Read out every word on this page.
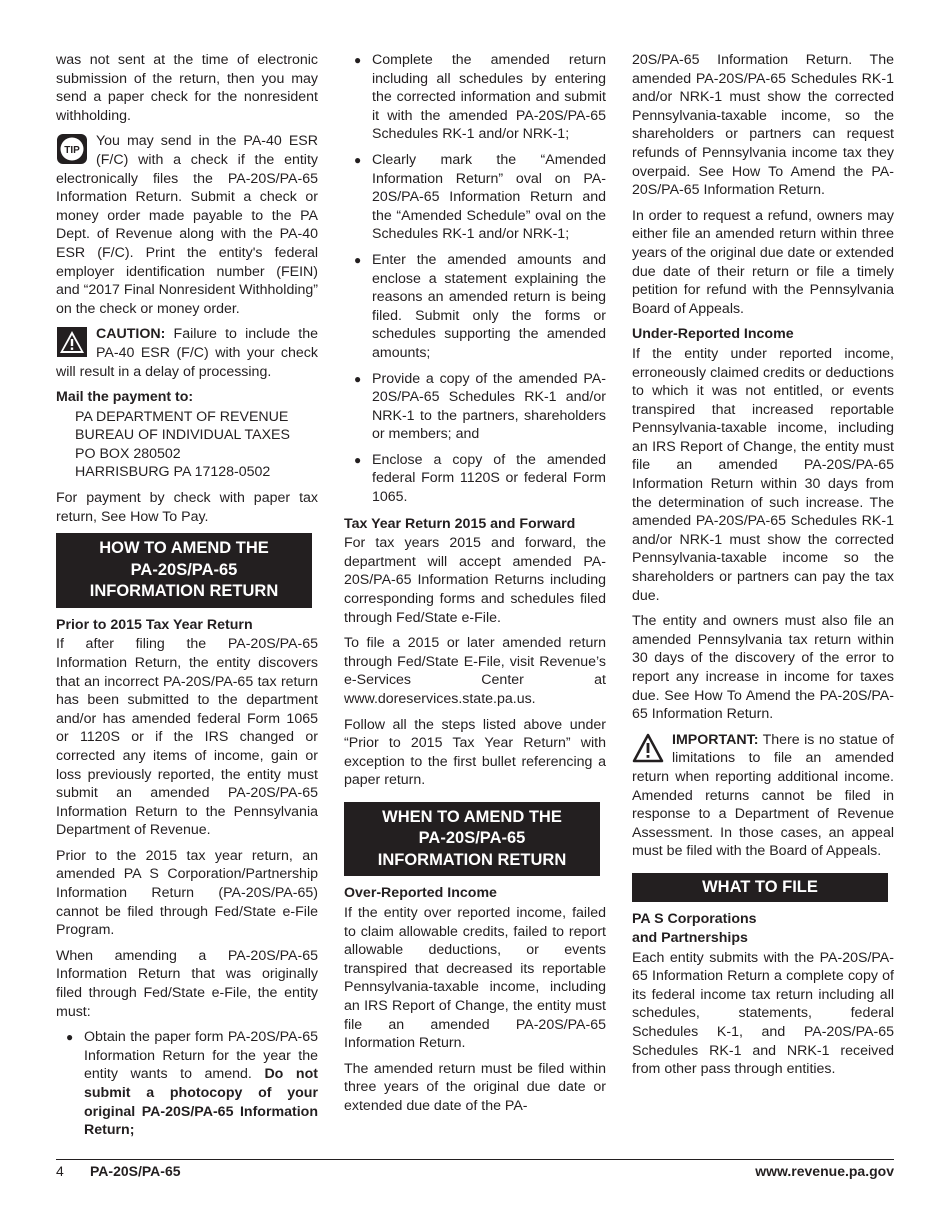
was not sent at the time of electronic submission of the return, then you may send a paper check for the nonresident withholding.

TIP

You may send in the PA-40 ESR (F/C) with a check if the entity electronically files the PA-20S/PA-65 Information Return. Submit a check or money order made payable to the PA Dept. of Revenue along with the PA-40 ESR (F/C). Print the entity's federal employer identification number (FEIN) and “2017 Final Nonresident Withholding” on the check or money order.

CAUTION: Failure to include the PA-40 ESR (F/C) with your check will result in a delay of processing.

Mail the payment to:

PA DEPARTMENT OF REVENUE
BUREAU OF INDIVIDUAL TAXES
PO BOX 280502
HARRISBURG PA 17128-0502

For payment by check with paper tax return, See How To Pay.

HOW TO AMEND THE
PA-20S/PA-65
INFORMATION RETURN

Prior to 2015 Tax Year Return

If after filing the PA-20S/PA-65 Information Return, the entity discovers that an incorrect PA-20S/PA-65 tax return has been submitted to the department and/or has amended federal Form 1065 or 1120S or if the IRS changed or corrected any items of income, gain or loss previously reported, the entity must submit an amended PA-20S/PA-65 Information Return to the Pennsylvania Department of Revenue.

Prior to the 2015 tax year return, an amended PA S Corporation/Partnership Information Return (PA-20S/PA-65) cannot be filed through Fed/State e-File Program.

When amending a PA-20S/PA-65 Information Return that was originally filed through Fed/State e-File, the entity must:

● Obtain the paper form PA-20S/PA-65 Information Return for the year the entity wants to amend. Do not submit a photocopy of your original PA-20S/PA-65 Information Return;
● Complete the amended return including all schedules by entering the corrected information and submit it with the amended PA-20S/PA-65 Schedules RK-1 and/or NRK-1;
● Clearly mark the “Amended Information Return” oval on PA-20S/PA-65 Information Return and the “Amended Schedule” oval on the Schedules RK-1 and/or NRK-1;
● Enter the amended amounts and enclose a statement explaining the reasons an amended return is being filed. Submit only the forms or schedules supporting the amended amounts;
● Provide a copy of the amended PA-20S/PA-65 Schedules RK-1 and/or NRK-1 to the partners, shareholders or members; and
● Enclose a copy of the amended federal Form 1120S or federal Form 1065.

Tax Year Return 2015 and Forward

For tax years 2015 and forward, the department will accept amended PA-20S/PA-65 Information Returns including corresponding forms and schedules filed through Fed/State e-File.

To file a 2015 or later amended return through Fed/State E-File, visit Revenue’s e-Services Center at www.doreservices.state.pa.us.

Follow all the steps listed above under “Prior to 2015 Tax Year Return” with exception to the first bullet referencing a paper return.

WHEN TO AMEND THE
PA-20S/PA-65
INFORMATION RETURN

Over-Reported Income

If the entity over reported income, failed to claim allowable credits, failed to report allowable deductions, or events transpired that decreased its reportable Pennsylvania-taxable income, including an IRS Report of Change, the entity must file an amended PA-20S/PA-65 Information Return.

The amended return must be filed within three years of the original due date or extended due date of the PA-

20S/PA-65 Information Return. The amended PA-20S/PA-65 Schedules RK-1 and/or NRK-1 must show the corrected Pennsylvania-taxable income, so the shareholders or partners can request refunds of Pennsylvania income tax they overpaid. See How To Amend the PA-20S/PA-65 Information Return.

In order to request a refund, owners may either file an amended return within three years of the original due date or extended due date of their return or file a timely petition for refund with the Pennsylvania Board of Appeals.

Under-Reported Income

If the entity under reported income, erroneously claimed credits or deductions to which it was not entitled, or events transpired that increased reportable Pennsylvania-taxable income, including an IRS Report of Change, the entity must file an amended PA-20S/PA-65 Information Return within 30 days from the determination of such increase. The amended PA-20S/PA-65 Schedules RK-1 and/or NRK-1 must show the corrected Pennsylvania-taxable income so the shareholders or partners can pay the tax due.

The entity and owners must also file an amended Pennsylvania tax return within 30 days of the discovery of the error to report any increase in income for taxes due. See How To Amend the PA-20S/PA-65 Information Return.

IMPORTANT: There is no statue of limitations to file an amended return when reporting additional income. Amended returns cannot be filed in response to a Department of Revenue Assessment. In those cases, an appeal must be filed with the Board of Appeals.

WHAT TO FILE

PA S Corporations

and Partnerships

Each entity submits with the PA-20S/PA-65 Information Return a complete copy of its federal income tax return including all schedules, statements, federal Schedules K-1, and PA-20S/PA-65 Schedules RK-1 and NRK-1 received from other pass through entities.

4 PA-20S/PA-65	www.revenue.pa.gov
